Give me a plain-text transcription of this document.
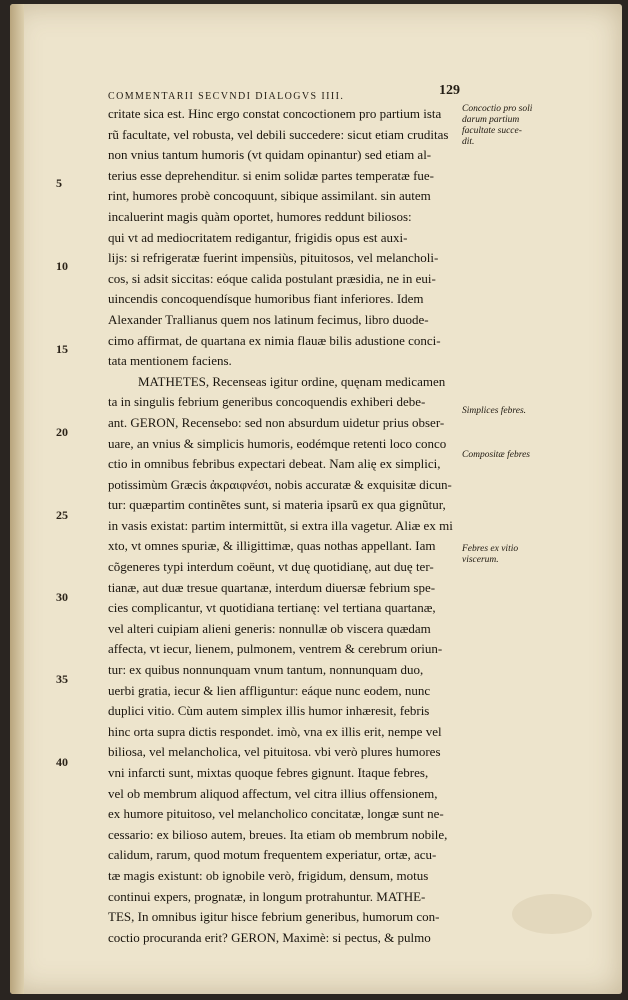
COMMENTARII SECVNDI DIALOGVS IIII.	129
critate sica est. Hinc ergo constat concoctionem pro partium ista
rũ facultate, vel robusta, vel debili succedere: sicut etiam cruditas
non vnius tantum humoris (vt quidam opinantur) sed etiam al-
terius esse deprehenditur. si enim solidæ partes temperatæ fue-
rint, humores probè concoquunt, sibique assimilant. sin autem
incaluerint magis quàm oportet, humores reddunt biliosos:
qui vt ad mediocritatem redigantur, frigidis opus est auxi-
lijs: si refrigeratæ fuerint impensiùs, pituitosos, vel melancholi-
cos, si adsit siccitas: eóque calida postulant præsidia, ne in eui-
uincendis concoquendísque humoribus fiant inferiores. Idem
Alexander Trallianus quem nos latinum fecimus, libro duode-
cimo affirmat, de quartana ex nimia flauæ bilis adustione conci-
tata mentionem faciens.
MATHETES, Recenseas igitur ordine, quęnam medicamen
ta in singulis febrium generibus concoquendis exhiberi debe-
ant. GERON, Recensebo: sed non absurdum uidetur prius obser-
uare, an vnius & simplicis humoris, eodémque retenti loco conco
ctio in omnibus febribus expectari debeat. Nam alię ex simplici,
potissimùm Græcis ἀκραιφνέσι, nobis accuratæ & exquisitæ dicun-
tur: quæpartim continẽtes sunt, si materia ipsarũ ex qua gignũtur,
in vasis existat: partim intermittũt, si extra illa vagetur. Aliæ ex mi
xto, vt omnes spuriæ, & illigittimæ, quas nothas appellant. Iam
cõgeneres typi interdum coëunt, vt duę quotidianę, aut duę ter-
tianæ, aut duæ tresue quartanæ, interdum diuersæ febrium spe-
cies complicantur, vt quotidiana tertianę: vel tertiana quartanæ,
vel alteri cuipiam alieni generis: nonnullæ ob viscera quædam
affecta, vt iecur, lienem, pulmonem, ventrem & cerebrum oriun-
tur: ex quibus nonnunquam vnum tantum, nonnunquam duo,
uerbi gratia, iecur & lien affliguntur: eáque nunc eodem, nunc
duplici vitio. Cùm autem simplex illis humor inhæresit, febris
hinc orta supra dictis respondet. imò, vna ex illis erit, nempe vel
biliosa, vel melancholica, vel pituitosa. vbi verò plures humores
vni infarcti sunt, mixtas quoque febres gignunt. Itaque febres,
vel ob membrum aliquod affectum, vel citra illius offensionem,
ex humore pituitoso, vel melancholico concitatæ, longæ sunt ne-
cessario: ex bilioso autem, breues. Ita etiam ob membrum nobile,
calidum, rarum, quod motum frequentem experiatur, ortæ, acu-
tæ magis existunt: ob ignobile verò, frigidum, densum, motus
continui expers, prognatæ, in longum protrahuntur. MATHE-
TES, In omnibus igitur hisce febrium generibus, humorum con-
coctio procuranda erit? GERON, Maximè: si pectus, & pulmo
5
10
15
20
25
30
35
40
Concoctio pro soli
darum partium
facultate succe-
dit.
Simplices febres.
Compositæ febres
Febres ex vitio
viscerum.
